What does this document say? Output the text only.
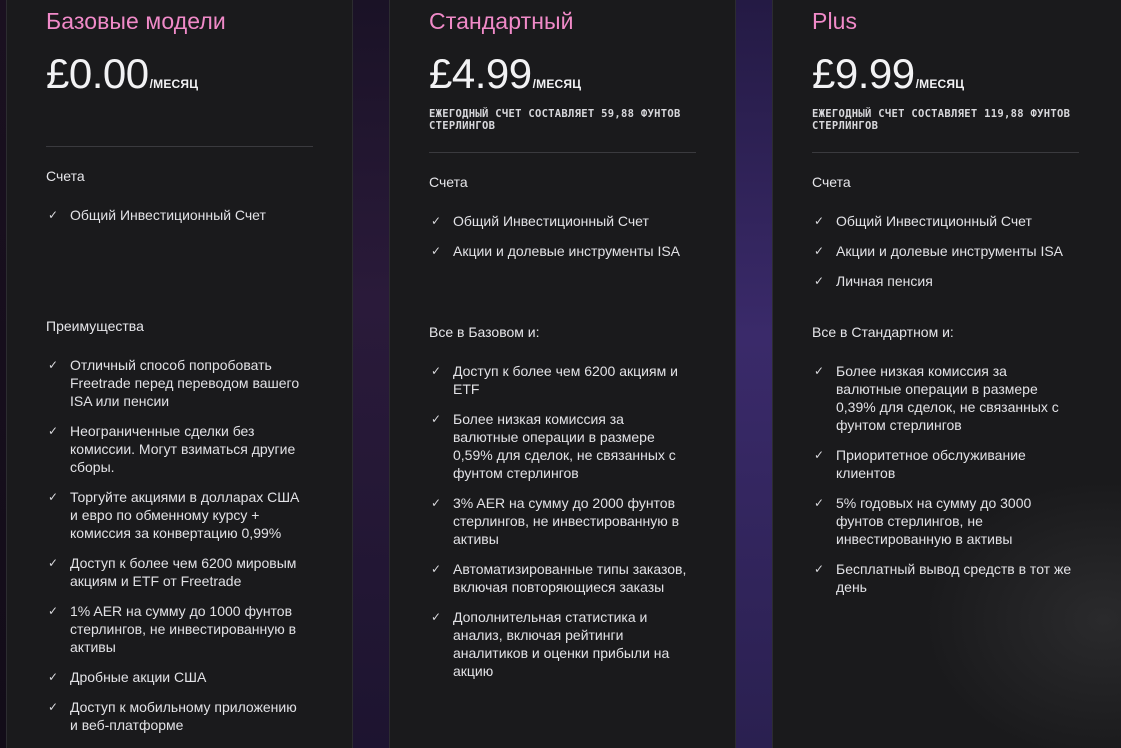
Базовые модели
£0.00/МЕСЯЦ
Счета
✓ Общий Инвестиционный Счет
Преимущества
✓ Отличный способ попробовать Freetrade перед переводом вашего ISA или пенсии
✓ Неограниченные сделки без комиссии. Могут взиматься другие сборы.
✓ Торгуйте акциями в долларах США и евро по обменному курсу + комиссия за конвертацию 0,99%
✓ Доступ к более чем 6200 мировым акциям и ETF от Freetrade
✓ 1% AER на сумму до 1000 фунтов стерлингов, не инвестированную в активы
✓ Дробные акции США
✓ Доступ к мобильному приложению и веб-платформе
Стандартный
£4.99/МЕСЯЦ
ЕЖЕГОДНЫЙ СЧЕТ СОСТАВЛЯЕТ 59,88 ФУНТОВ СТЕРЛИНГОВ
Счета
✓ Общий Инвестиционный Счет
✓ Акции и долевые инструменты ISA
Все в Базовом и:
✓ Доступ к более чем 6200 акциям и ETF
✓ Более низкая комиссия за валютные операции в размере 0,59% для сделок, не связанных с фунтом стерлингов
✓ 3% AER на сумму до 2000 фунтов стерлингов, не инвестированную в активы
✓ Автоматизированные типы заказов, включая повторяющиеся заказы
✓ Дополнительная статистика и анализ, включая рейтинги аналитиков и оценки прибыли на акцию
Plus
£9.99/МЕСЯЦ
ЕЖЕГОДНЫЙ СЧЕТ СОСТАВЛЯЕТ 119,88 ФУНТОВ СТЕРЛИНГОВ
Счета
✓ Общий Инвестиционный Счет
✓ Акции и долевые инструменты ISA
✓ Личная пенсия
Все в Стандартном и:
✓ Более низкая комиссия за валютные операции в размере 0,39% для сделок, не связанных с фунтом стерлингов
✓ Приоритетное обслуживание клиентов
✓ 5% годовых на сумму до 3000 фунтов стерлингов, не инвестированную в активы
✓ Бесплатный вывод средств в тот же день
